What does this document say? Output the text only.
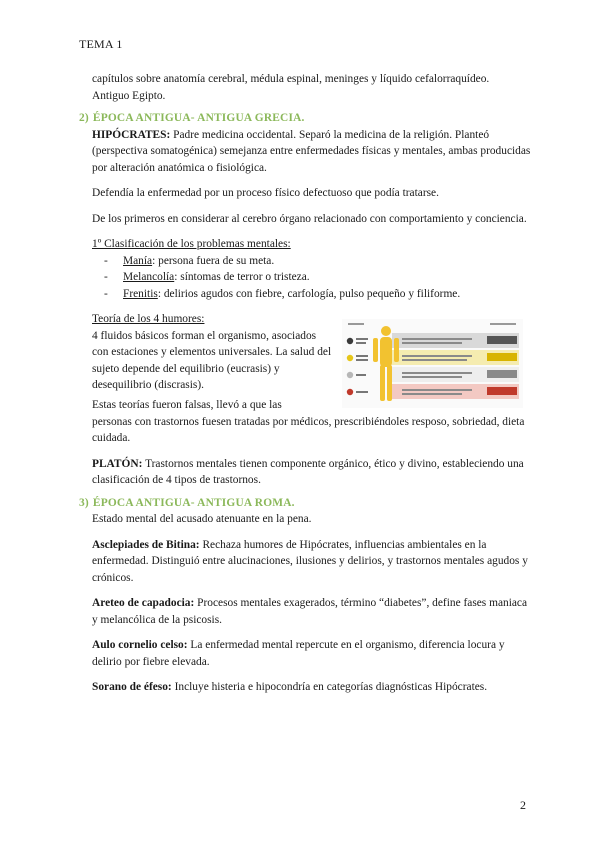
TEMA 1

capítulos sobre anatomía cerebral, médula espinal, meninges y líquido cefalorraquídeo.

Antiguo Egipto.

2) ÉPOCA ANTIGUA- ANTIGUA GRECIA.

HIPÓCRATES: Padre medicina occidental. Separó la medicina de la religión. Planteó (perspectiva somatogénica) semejanza entre enfermedades físicas y mentales, ambas producidas por alteración anatómica o fisiológica.

Defendía la enfermedad por un proceso físico defectuoso que podía tratarse.

De los primeros en considerar al cerebro órgano relacionado con comportamiento y conciencia.

1º Clasificación de los problemas mentales:

- Manía: persona fuera de su meta.
- Melancolía: síntomas de terror o tristeza.
- Frenitis: delirios agudos con fiebre, carfología, pulso pequeño y filiforme.

Teoría de los 4 humores:

4 fluidos básicos forman el organismo, asociados con estaciones y elementos universales. La salud del sujeto depende del equilibrio (eucrasis) y desequilibrio (discrasis).

Estas teorías fueron falsas, llevó a que las

personas con trastornos fuesen tratadas por médicos, prescribiéndoles resposo, sobriedad, dieta cuidada.

PLATÓN: Trastornos mentales tienen componente orgánico, ético y divino, estableciendo una clasificación de 4 tipos de trastornos.

3) ÉPOCA ANTIGUA- ANTIGUA ROMA.

Estado mental del acusado atenuante en la pena.

Asclepiades de Bitina: Rechaza humores de Hipócrates, influencias ambientales en la enfermedad. Distinguió entre alucinaciones, ilusiones y delirios, y trastornos mentales agudos y crónicos.

Areteo de capadocia: Procesos mentales exagerados, término “diabetes”, define fases maniaca y melancólica de la psicosis.

Aulo cornelio celso: La enfermedad mental repercute en el organismo, diferencia locura y delirio por fiebre elevada.

Sorano de éfeso: Incluye histeria e hipocondría en categorías diagnósticas Hipócrates.

2
